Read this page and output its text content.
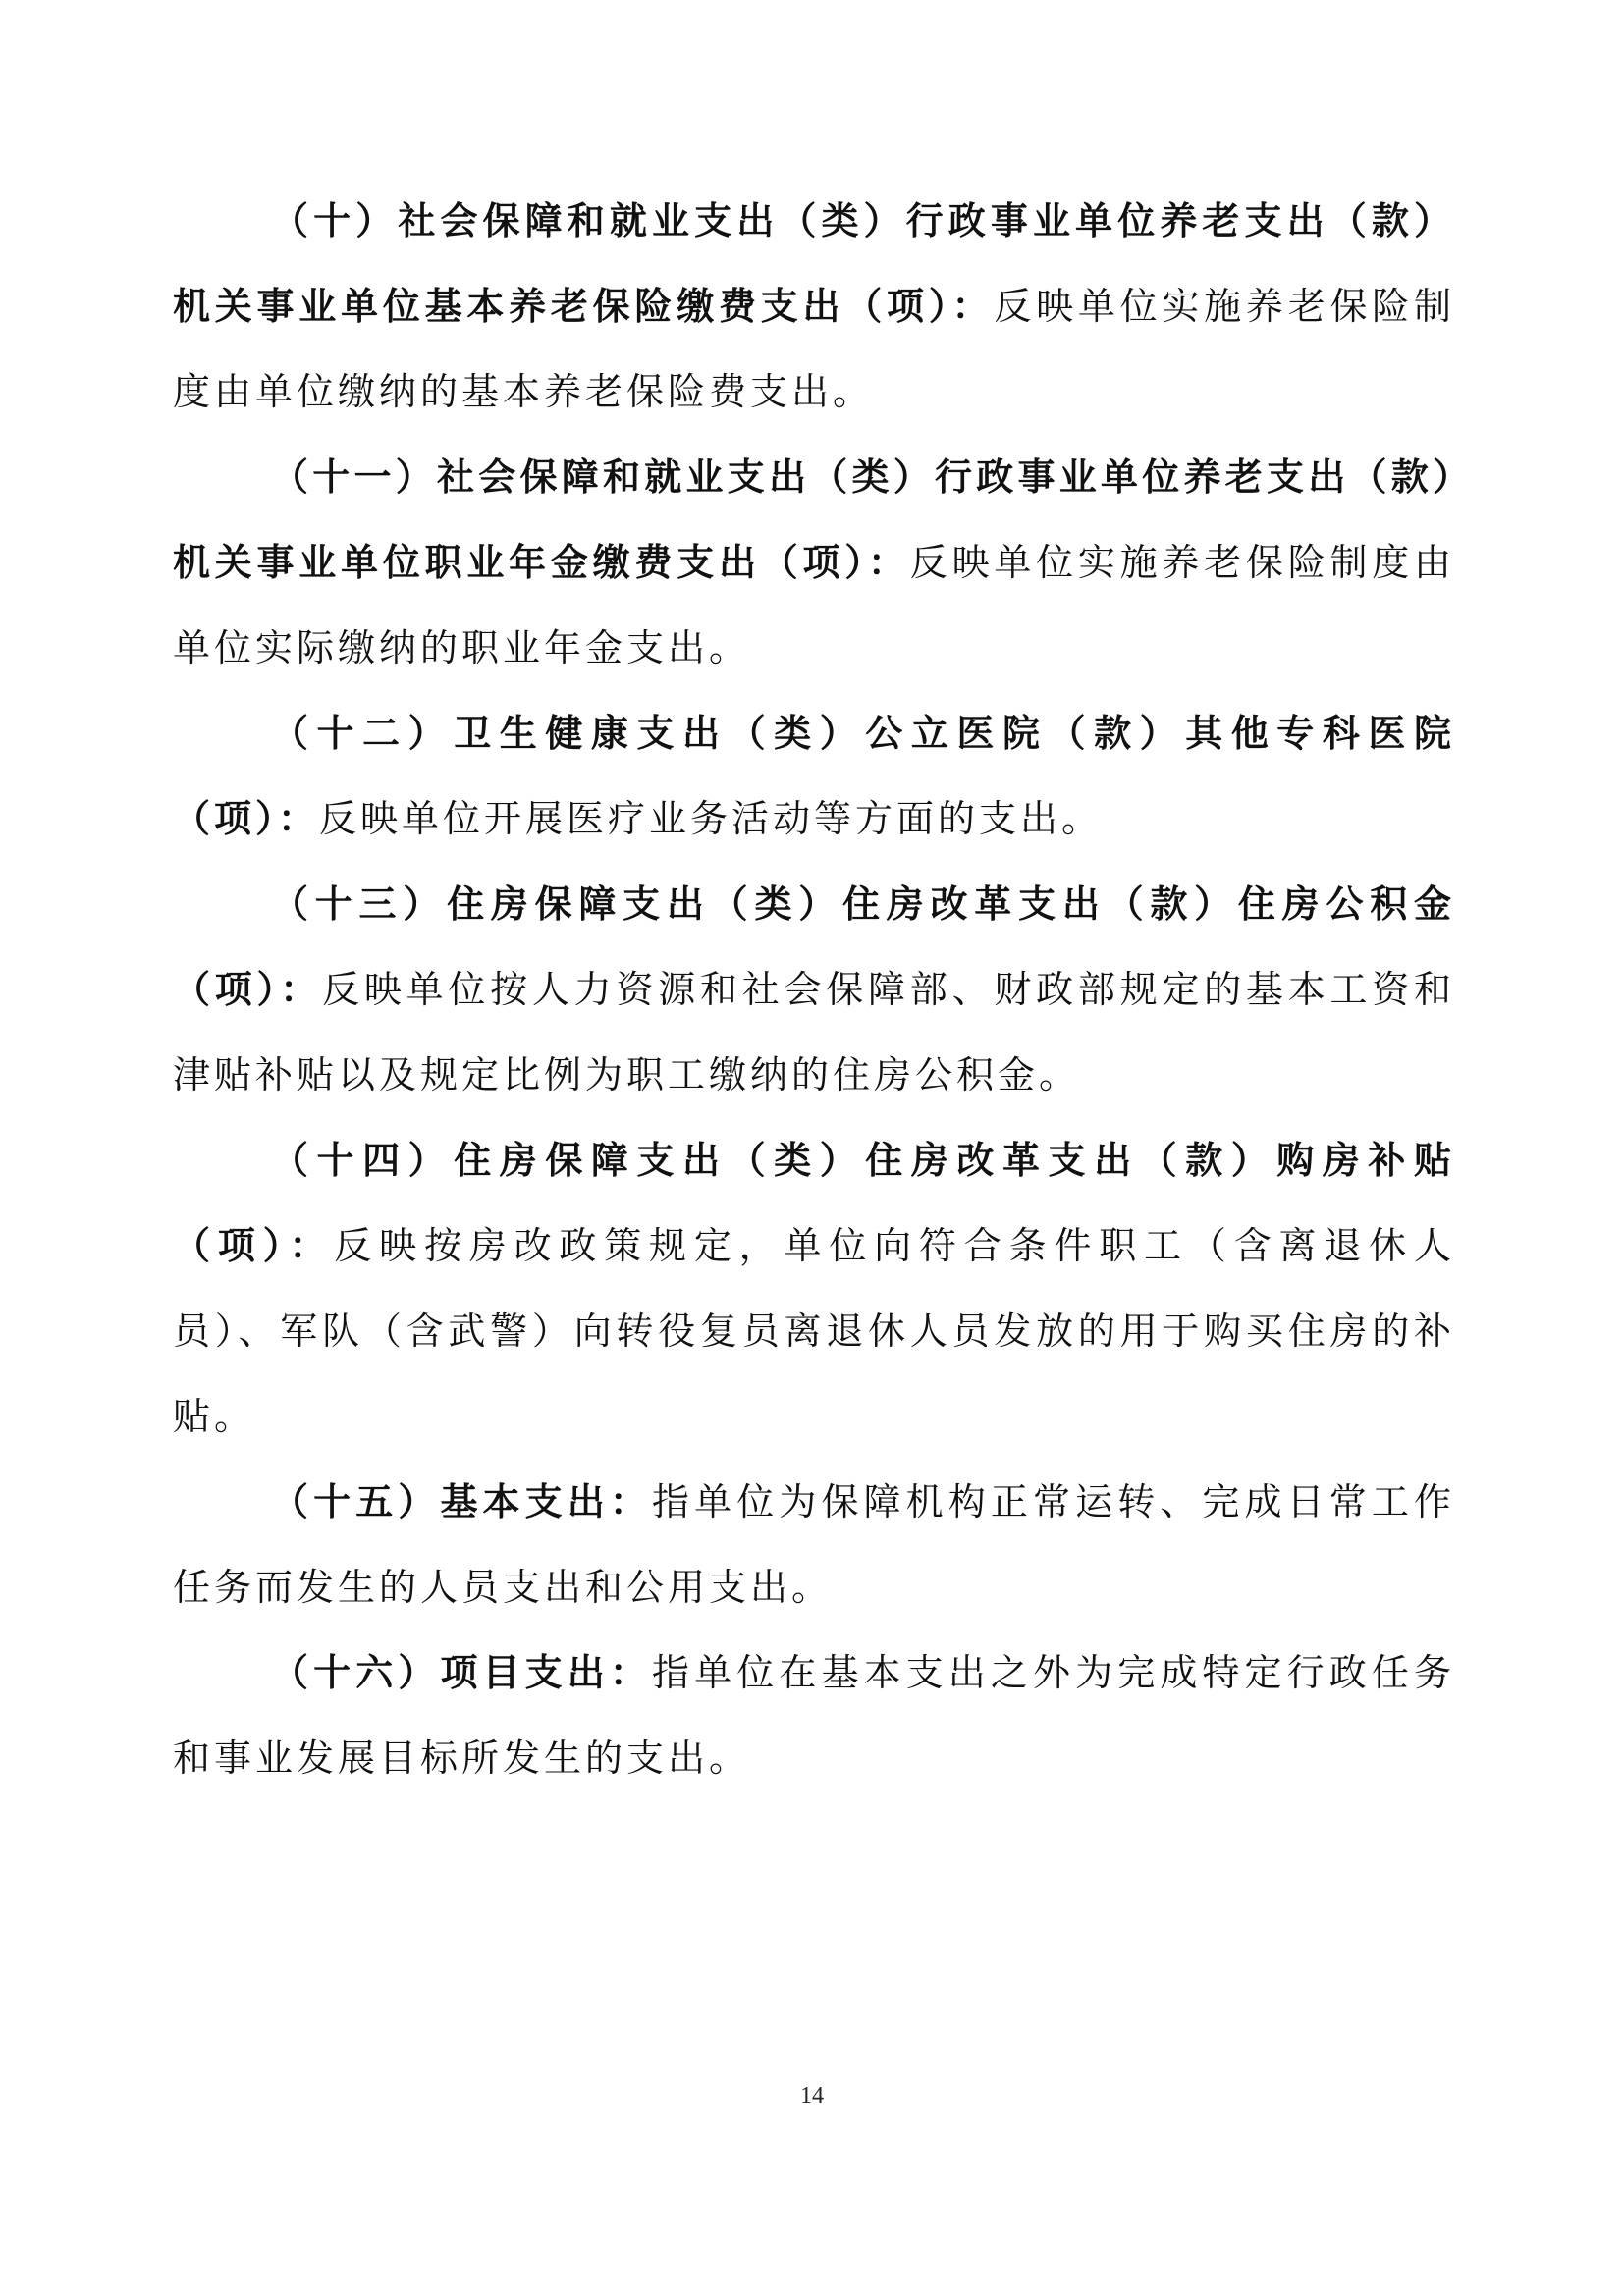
（十）社会保障和就业支出（类）行政事业单位养老支出（款）机关事业单位基本养老保险缴费支出（项）：反映单位实施养老保险制度由单位缴纳的基本养老保险费支出。

（十一）社会保障和就业支出（类）行政事业单位养老支出（款）机关事业单位职业年金缴费支出（项）：反映单位实施养老保险制度由单位实际缴纳的职业年金支出。

（十二）卫生健康支出（类）公立医院（款）其他专科医院（项）：反映单位开展医疗业务活动等方面的支出。

（十三）住房保障支出（类）住房改革支出（款）住房公积金（项）：反映单位按人力资源和社会保障部、财政部规定的基本工资和津贴补贴以及规定比例为职工缴纳的住房公积金。

（十四）住房保障支出（类）住房改革支出（款）购房补贴（项）：反映按房改政策规定，单位向符合条件职工（含离退休人员）、军队（含武警）向转役复员离退休人员发放的用于购买住房的补贴。

（十五）基本支出：指单位为保障机构正常运转、完成日常工作任务而发生的人员支出和公用支出。

（十六）项目支出：指单位在基本支出之外为完成特定行政任务和事业发展目标所发生的支出。

14
